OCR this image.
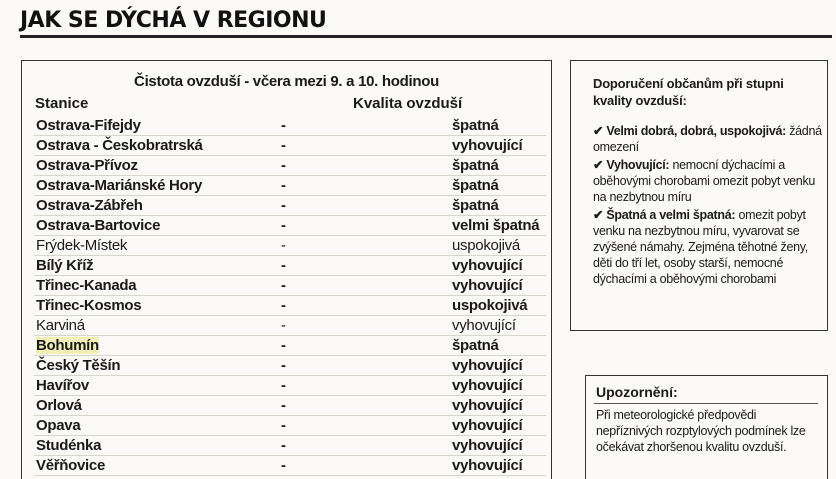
JAK SE DÝCHÁ V REGIONU
Čistota ovzduší - včera mezi 9. a 10. hodinou
Stanice	Kvalita ovzduší
Ostrava-Fifejdy	-	špatná
Ostrava - Českobratrská	-	vyhovující
Ostrava-Přívoz	-	špatná
Ostrava-Mariánské Hory	-	špatná
Ostrava-Zábřeh	-	špatná
Ostrava-Bartovice	-	velmi špatná
Frýdek-Místek	-	uspokojivá
Bílý Kříž	-	vyhovující
Třinec-Kanada	-	vyhovující
Třinec-Kosmos	-	uspokojivá
Karviná	-	vyhovující
Bohumín	-	špatná
Český Těšín	-	vyhovující
Havířov	-	vyhovující
Orlová	-	vyhovující
Opava	-	vyhovující
Studénka	-	vyhovující
Věřňovice	-	vyhovující
Doporučení občanům při stupni kvality ovzduší:

✔ Velmi dobrá, dobrá, uspokojivá: žádná omezení

✔ Vyhovující: nemocní dýchacími a oběhovými chorobami omezit pobyt venku na nezbytnou míru

✔ Špatná a velmi špatná: omezit pobyt venku na nezbytnou míru, vyvarovat se zvýšené námahy. Zejména těhotné ženy, děti do tří let, osoby starší, nemocné dýchacími a oběhovými chorobami

Upozornění:
Při meteorologické předpovědi nepříznivých rozptylových podmínek lze očekávat zhoršenou kvalitu ovzduší.
